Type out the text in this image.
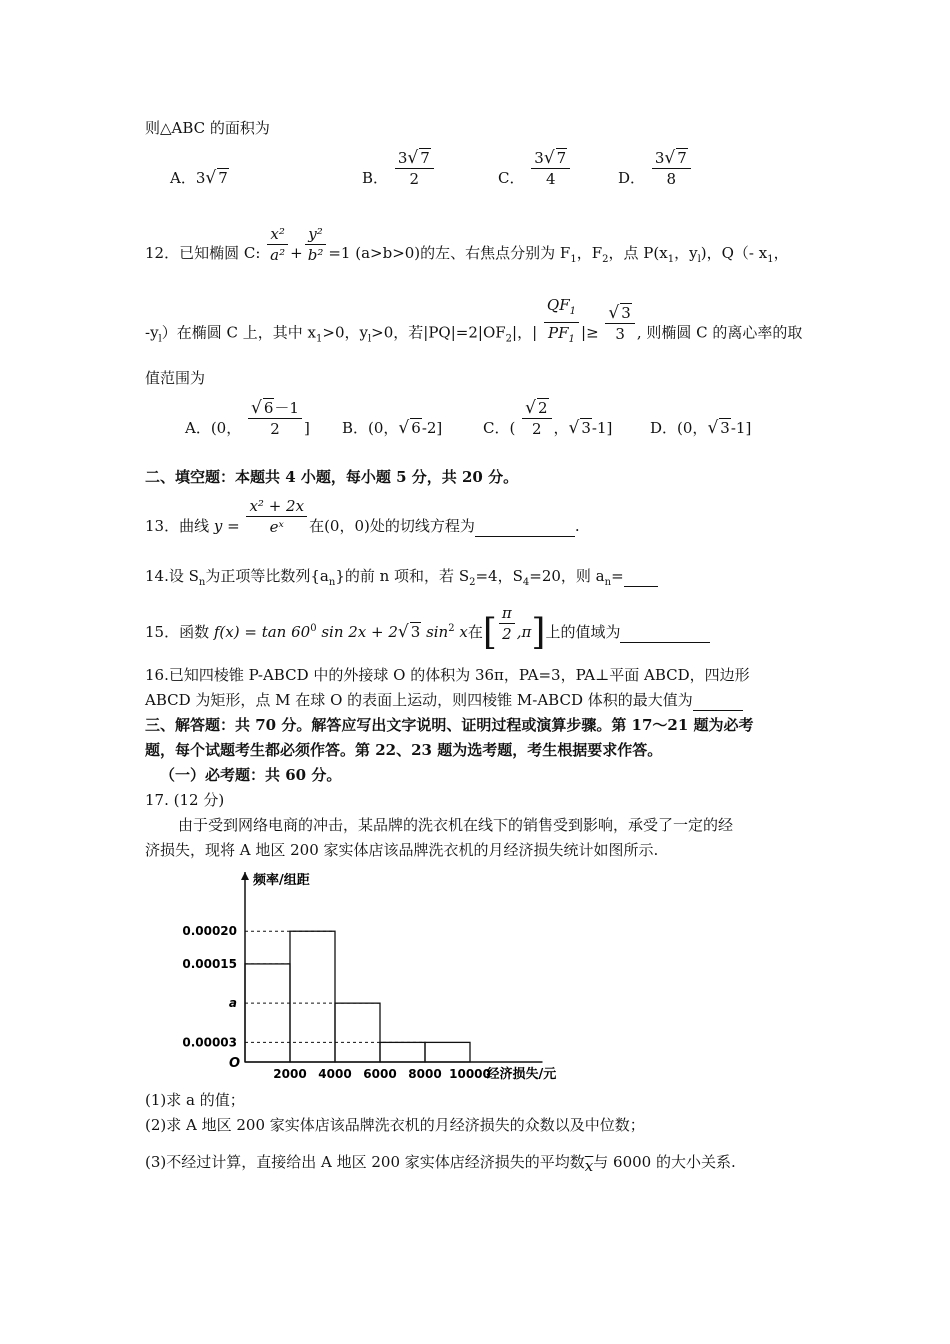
则△ABC 的面积为
A．3√ 7	B． $\frac{3√ 7}{2}$	C． $\frac{3√ 7}{4}$	D． $\frac{3√ 7}{8}$
12．已知椭圆 C: $\frac{\text{x²}}{\text{a²}} + \frac{\text{y²}}{\text{b²}} =1$ (a>b>0)的左、右焦点分别为 $F_1$，$F_2$，点 $P(x_1$，$y_l$)，Q（- $x_1$，
$-y_l$）在椭圆 C 上，其中 $x_1>0$，$y_l>0$，若$|PQ|=2|OF_2|$，| $\frac{QF_1}{PF_1}$ |≥ $\frac{√ 3}{3}$ , 则椭圆 C 的离心率的取
值范围为
A．(0， $\frac{√ 6-1}{2}$ ] B．(0，√ 6-2]	C．( $\frac{√ 2}{2}$ ，√ 3-1]	D．(0，√ 3-1]
二、填空题：本题共 4 小题，每小题 5 分，共 20 分。
13．曲线 $y = \frac{\text{x² + 2x}}{\text{eˣ}}$ 在(0，0)处的切线方程为	.
14.设 $S_n$为正项等比数列$\{a_n\}$的前 n 项和，若 $S_2=4$，$S_4=20$，则 $a_n=$
15．函数 $f(x) = \tan 60^0$ sin 2x + 2√ 3 $\sin^2 x$在[ $\frac{\pi}{2} ,\pi$]上的值域为
16.已知四棱锥 P-ABCD 中的外接球 O 的体积为 36π，PA=3，PA⊥平面 ABCD，四边形
ABCD 为矩形，点 M 在球 O 的表面上运动，则四棱锥 M-ABCD 体积的最大值为
三、解答题：共 70 分。解答应写出文字说明、证明过程或演算步骤。第 17～21 题为必考
题，每个试题考生都必须作答。第 22、23 题为选考题，考生根据要求作答。
（一）必考题：共 60 分。
17. (12 分)
由于受到网络电商的冲击，某品牌的洗衣机在线下的销售受到影响，承受了一定的经
济损失，现将 A 地区 200 家实体店该品牌洗衣机的月经济损失统计如图所示.
0.00003
a
0.00015
0.00020
频率/组距
经济损失/元
O
2000 4000 6000 8000 10000
(1)求 a 的值；
(2)求 A 地区 200 家实体店该品牌洗衣机的月经济损失的众数以及中位数；
(3)不经过计算，直接给出 A 地区 200 家实体店经济损失的平均数$\overline{x}$与 6000 的大小关系.
